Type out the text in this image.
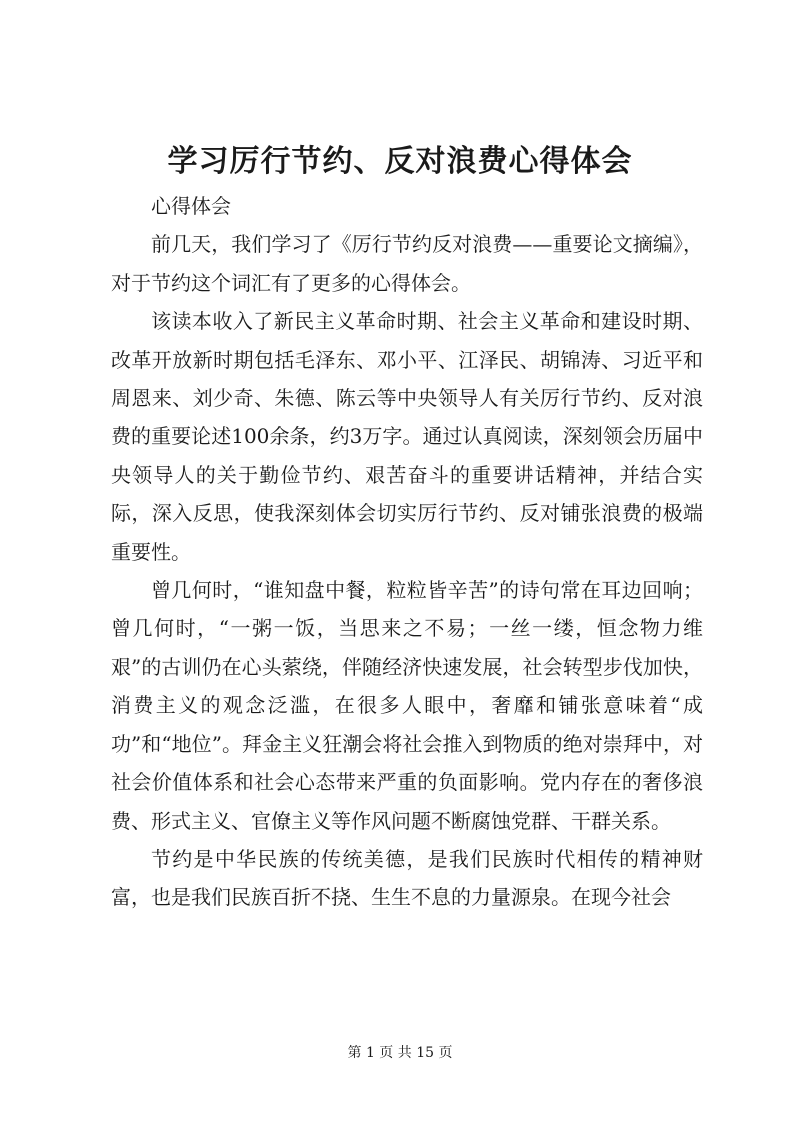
学习厉行节约、反对浪费心得体会

心得体会

前几天，我们学习了《厉行节约反对浪费——重要论文摘编》，对于节约这个词汇有了更多的心得体会。

该读本收入了新民主义革命时期、社会主义革命和建设时期、改革开放新时期包括毛泽东、邓小平、江泽民、胡锦涛、习近平和周恩来、刘少奇、朱德、陈云等中央领导人有关厉行节约、反对浪费的重要论述100余条，约3万字。通过认真阅读，深刻领会历届中央领导人的关于勤俭节约、艰苦奋斗的重要讲话精神，并结合实际，深入反思，使我深刻体会切实厉行节约、反对铺张浪费的极端重要性。

曾几何时，“谁知盘中餐，粒粒皆辛苦”的诗句常在耳边回响；曾几何时，“一粥一饭，当思来之不易；一丝一缕，恒念物力维艰”的古训仍在心头萦绕，伴随经济快速发展，社会转型步伐加快，消费主义的观念泛滥，在很多人眼中，奢靡和铺张意味着“成功”和“地位”。拜金主义狂潮会将社会推入到物质的绝对崇拜中，对社会价值体系和社会心态带来严重的负面影响。党内存在的奢侈浪费、形式主义、官僚主义等作风问题不断腐蚀党群、干群关系。

节约是中华民族的传统美德，是我们民族时代相传的精神财富，也是我们民族百折不挠、生生不息的力量源泉。在现今社会

第 1 页 共 15 页
